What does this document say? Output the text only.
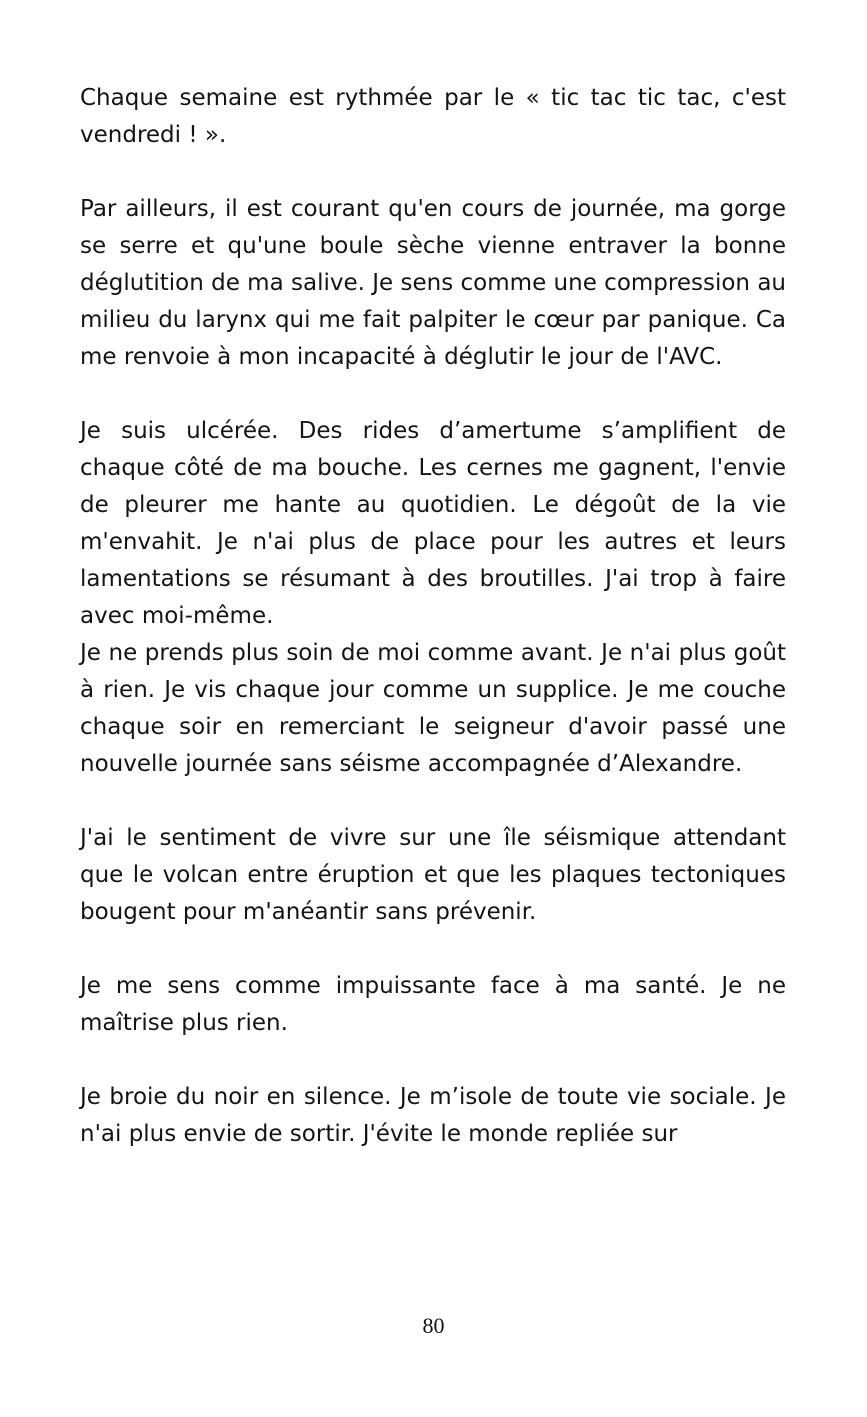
Chaque semaine est rythmée par le « tic tac tic tac, c'est vendredi ! ».

Par ailleurs, il est courant qu'en cours de journée, ma gorge se serre et qu'une boule sèche vienne entraver la bonne déglutition de ma salive. Je sens comme une compression au milieu du larynx qui me fait palpiter le cœur par panique. Ca me renvoie à mon incapacité à déglutir le jour de l'AVC.

Je suis ulcérée. Des rides d’amertume s’amplifient de chaque côté de ma bouche. Les cernes me gagnent, l'envie de pleurer me hante au quotidien. Le dégoût de la vie m'envahit. Je n'ai plus de place pour les autres et leurs lamentations se résumant à des broutilles. J'ai trop à faire avec moi-même.

Je ne prends plus soin de moi comme avant. Je n'ai plus goût à rien. Je vis chaque jour comme un supplice. Je me couche chaque soir en remerciant le seigneur d'avoir passé une nouvelle journée sans séisme accompagnée d’Alexandre.

J'ai le sentiment de vivre sur une île séismique attendant que le volcan entre éruption et que les plaques tectoniques bougent pour m'anéantir sans prévenir.

Je me sens comme impuissante face à ma santé. Je ne maîtrise plus rien.

Je broie du noir en silence. Je m’isole de toute vie sociale. Je n'ai plus envie de sortir. J'évite le monde repliée sur

80
